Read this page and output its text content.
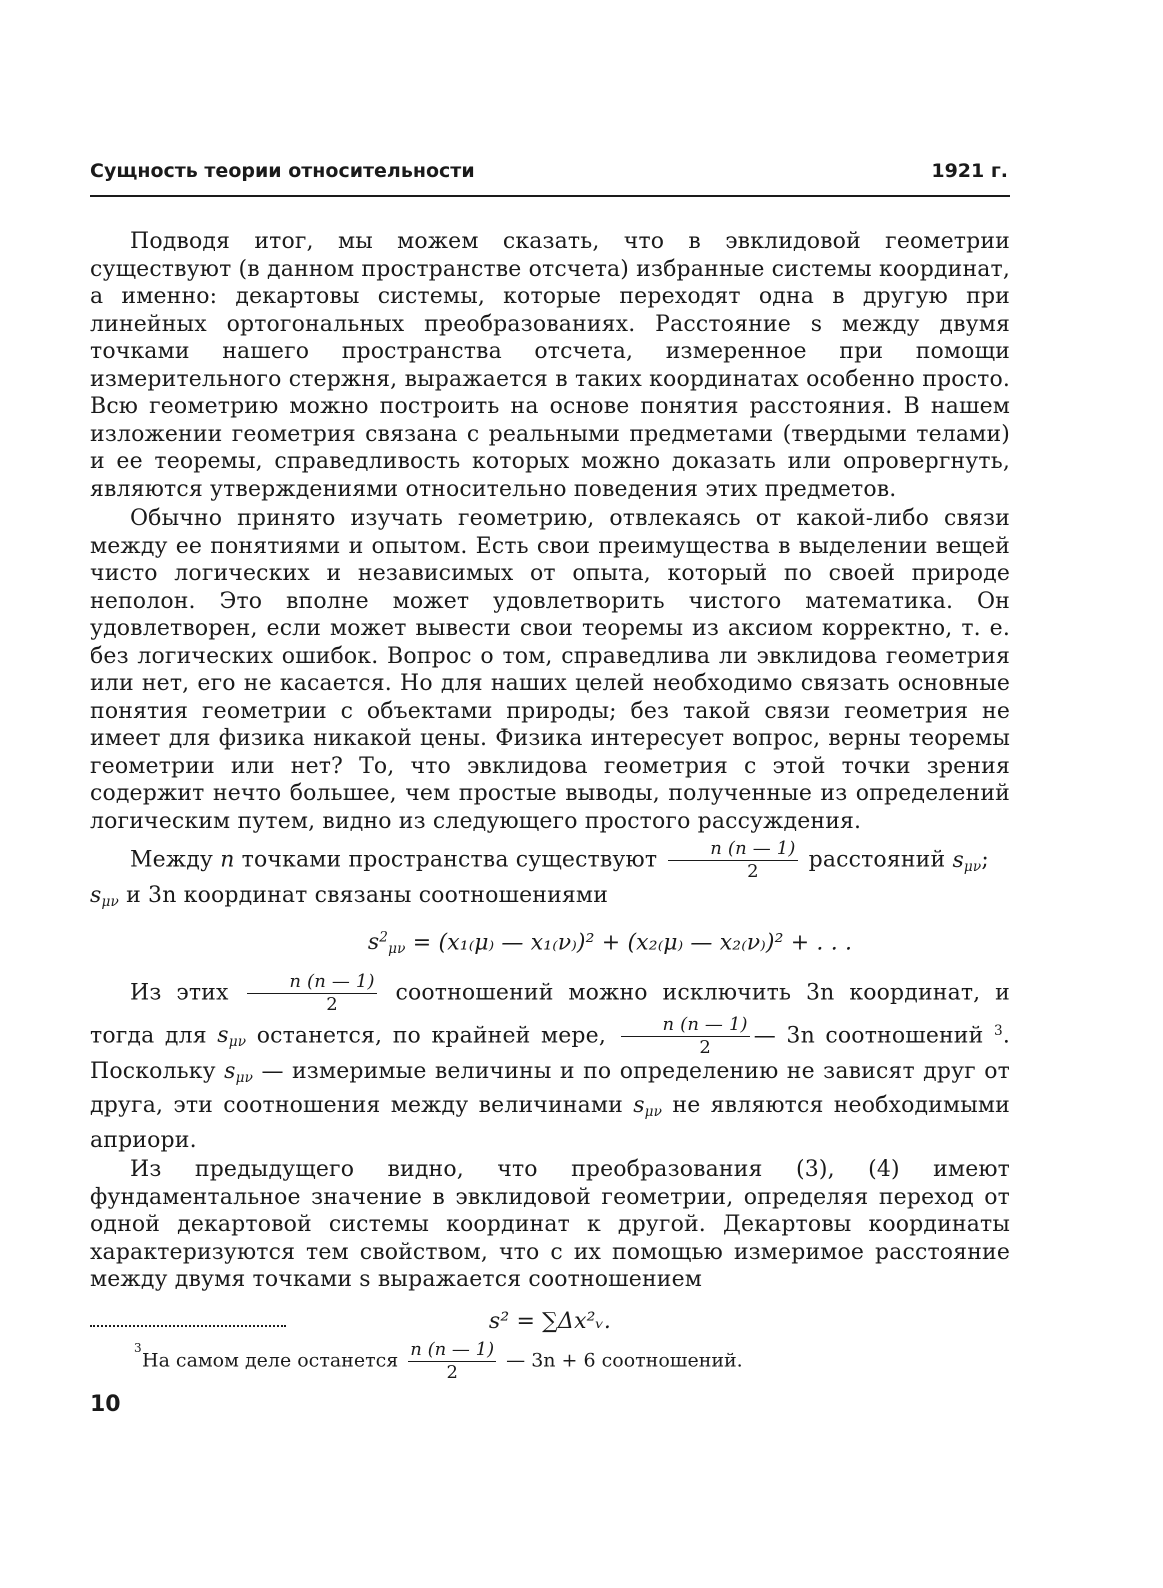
Сущность теории относительности	1921 г.

Подводя итог, мы можем сказать, что в эвклидовой геометрии существуют (в данном пространстве отсчета) избранные системы координат, а именно: декартовы системы, которые переходят одна в другую при линейных ортогональных преобразованиях. Расстояние s между двумя точками нашего пространства отсчета, измеренное при помощи измерительного стержня, выражается в таких координатах особенно просто. Всю геометрию можно построить на основе понятия расстояния. В нашем изложении геометрия связана с реальными предметами (твердыми телами) и ее теоремы, справедливость которых можно доказать или опровергнуть, являются утверждениями относительно поведения этих предметов.

Обычно принято изучать геометрию, отвлекаясь от какой-либо связи между ее понятиями и опытом. Есть свои преимущества в выделении вещей чисто логических и независимых от опыта, который по своей природе неполон. Это вполне может удовлетворить чистого математика. Он удовлетворен, если может вывести свои теоремы из аксиом корректно, т. е. без логических ошибок. Вопрос о том, справедлива ли эвклидова геометрия или нет, его не касается. Но для наших целей необходимо связать основные понятия геометрии с объектами природы; без такой связи геометрия не имеет для физика никакой цены. Физика интересует вопрос, верны теоремы геометрии или нет? То, что эвклидова геометрия с этой точки зрения содержит нечто большее, чем простые выводы, полученные из определений логическим путем, видно из следующего простого рассуждения.

Между n точками пространства существуют $\frac{n (n — 1)}{2}$ расстояний $s_{\mu\nu}$;

$s_{\mu\nu}$ и 3n координат связаны соотношениями

$s^2_{\mu\nu} = (x_{1(}\mu_)$ — x₁₍ν₎)² + (x₂₍μ₎ — x₂₍ν₎)² + . . .

Из этих $\frac{n (n — 1)}{2}$ соотношений можно исключить 3n координат, и тогда для $s_{\mu\nu}$ останется, по крайней мере, $\frac{n (n — 1)}{2}$ — 3n соотношений $^3$. Поскольку $s_{\mu\nu}$ — измеримые величины и по определению не зависят друг от друга, эти соотношения между величинами $s_{\mu\nu}$ не являются необходимыми априори.

Из предыдущего видно, что преобразования (3), (4) имеют фундаментальное значение в эвклидовой геометрии, определяя переход от одной декартовой системы координат к другой. Декартовы координаты характеризуются тем свойством, что с их помощью измеримое расстояние между двумя точками s выражается соотношением

s² = ∑Δx²ᵥ.
3
На самом деле останется $\frac{n (n — 1)}{2}$ — 3n + 6 соотношений.
10
